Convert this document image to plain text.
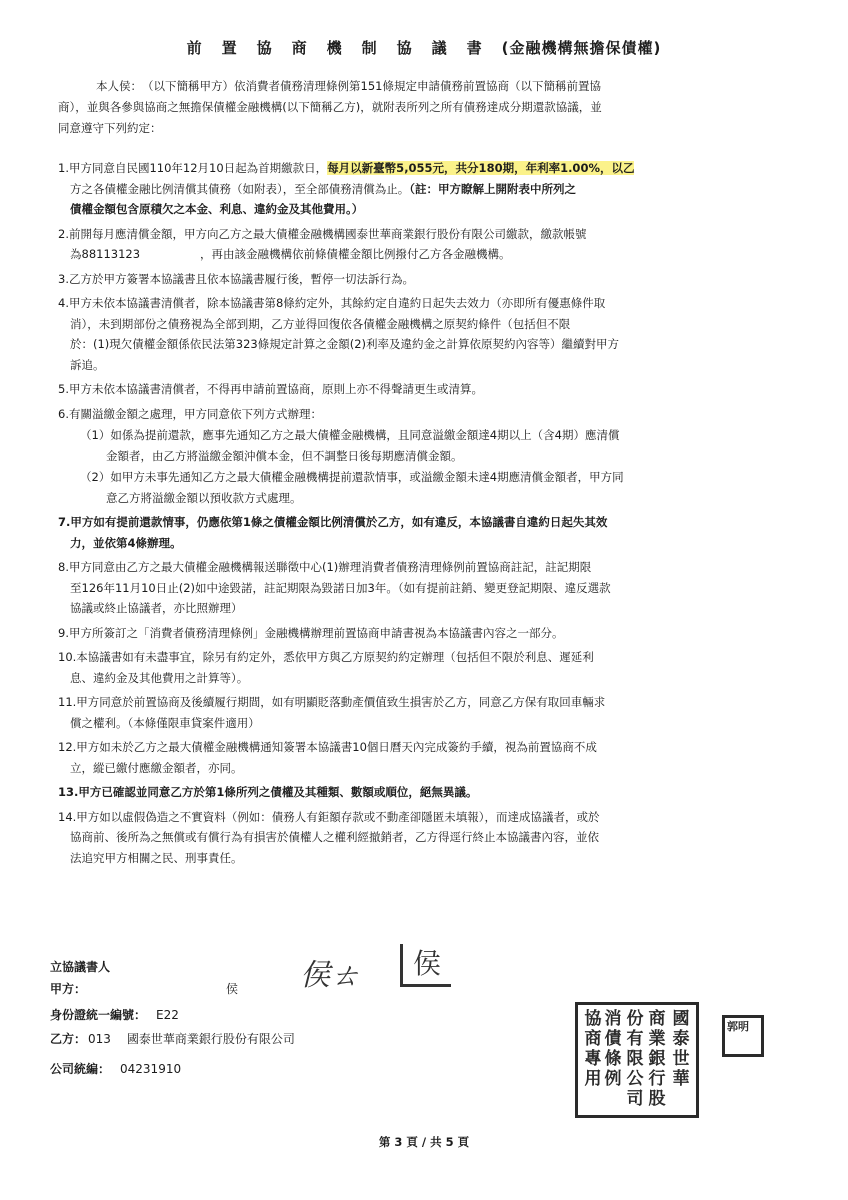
前置協商機制協議書(金融機構無擔保債權)
本人侯：　（以下簡稱甲方）依消費者債務清理條例第151條規定申請債務前置協商（以下簡稱前置協
商），並與各參與協商之無擔保債權金融機構(以下簡稱乙方)，就附表所列之所有債務達成分期還款協議，並
同意遵守下列約定：
1.甲方同意自民國110年12月10日起為首期繳款日，每月以新臺幣5,055元，共分180期，年利率1.00%，以乙
方之各債權金融比例清償其債務（如附表），至全部債務清償為止。（註：甲方瞭解上開附表中所列之
債權金額包含原積欠之本金、利息、違約金及其他費用。）
2.前開每月應清償金額，甲方向乙方之最大債權金融機構國泰世華商業銀行股份有限公司繳款，繳款帳號
為88113123	，再由該金融機構依前條債權金額比例撥付乙方各金融機構。
3.乙方於甲方簽署本協議書且依本協議書履行後，暫停一切法訴行為。
4.甲方未依本協議書清償者，除本協議書第8條約定外，其餘約定自違約日起失去效力（亦即所有優惠條件取
消），未到期部份之債務視為全部到期，乙方並得回復依各債權金融機構之原契約條件（包括但不限
於：(1)現欠債權金額係依民法第323條規定計算之金額(2)利率及違約金之計算依原契約內容等）繼續對甲方
訴追。
5.甲方未依本協議書清償者，不得再申請前置協商，原則上亦不得聲請更生或清算。
6.有關溢繳金額之處理，甲方同意依下列方式辦理：
（1）如係為提前還款，應事先通知乙方之最大債權金融機構，且同意溢繳金額達4期以上（含4期）應清償
金額者，由乙方將溢繳金額沖償本金，但不調整日後每期應清償金額。
（2）如甲方未事先通知乙方之最大債權金融機構提前還款情事，或溢繳金額未達4期應清償金額者，甲方同
意乙方將溢繳金額以預收款方式處理。
7.甲方如有提前還款情事，仍應依第1條之債權金額比例清償於乙方，如有違反，本協議書自違約日起失其效
力，並依第4條辦理。
8.甲方同意由乙方之最大債權金融機構報送聯徵中心(1)辦理消費者債務清理條例前置協商註記，註記期限
至126年11月10日止(2)如中途毀諾，註記期限為毀諾日加3年。（如有提前註銷、變更登記期限、違反選款
協議或終止協議者，亦比照辦理）
9.甲方所簽訂之「消費者債務清理條例」金融機構辦理前置協商申請書視為本協議書內容之一部分。
10.本協議書如有未盡事宜，除另有約定外，悉依甲方與乙方原契約約定辦理（包括但不限於利息、遲延利
息、違約金及其他費用之計算等）。
11.甲方同意於前置協商及後續履行期間，如有明顯貶落動產價值致生損害於乙方，同意乙方保有取回車輛求
償之權利。（本條僅限車貸案件適用）
12.甲方如未於乙方之最大債權金融機構通知簽署本協議書10個日曆天內完成簽約手續，視為前置協商不成
立，縱已繳付應繳金額者，亦同。
13.甲方已確認並同意乙方於第1條所列之債權及其種類、數額或順位，絕無異議。
14.甲方如以虛假偽造之不實資料（例如：債務人有鉅額存款或不動產卻隱匿未填報），而達成協議者，或於
協商前、後所為之無償或有償行為有損害於債權人之權利經撤銷者，乙方得逕行終止本協議書內容，並依
法追究甲方相關之民、刑事責任。
立協議書人
甲方：	侯 侯ㄊ	侯
身份證統一編號： E22
乙方： 013 國泰世華商業銀行股份有限公司
公司統編： 04231910
國泰世華
商業銀行股
份有限公司
消債條例
協商專用
郭明
第 3 頁 / 共 5 頁
